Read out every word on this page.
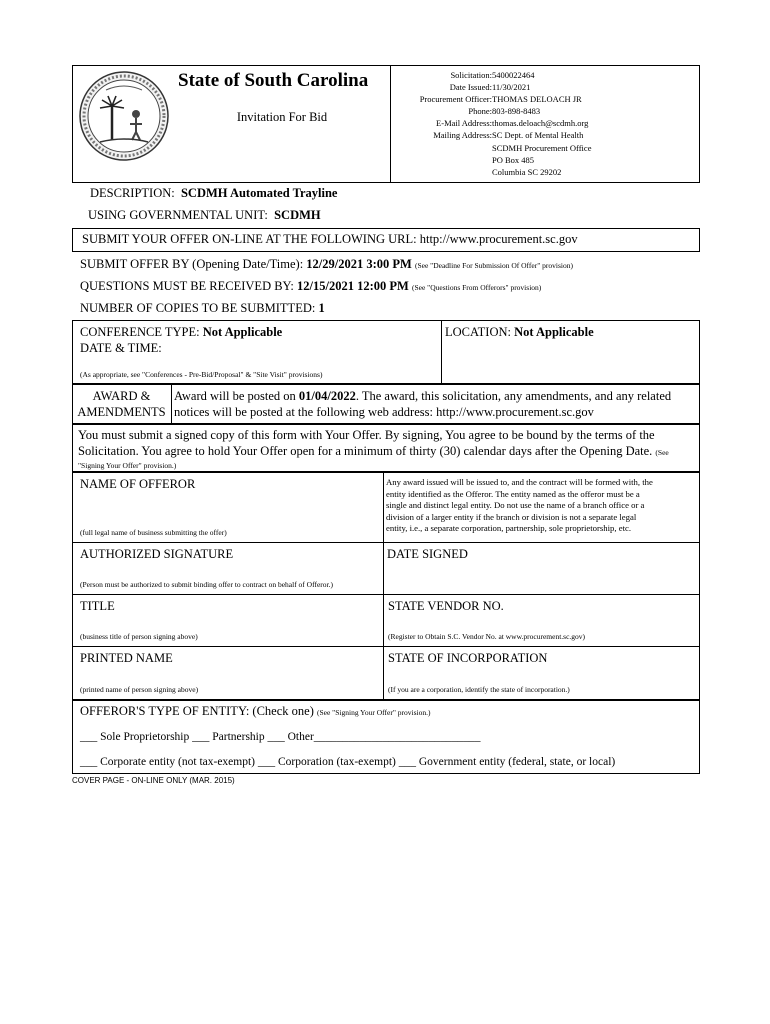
State of South Carolina
Invitation For Bid
Solicitation: 5400022464
Date Issued: 11/30/2021
Procurement Officer: THOMAS DELOACH JR
Phone: 803-898-8483
E-Mail Address: thomas.deloach@scdmh.org
Mailing Address: SC Dept. of Mental Health
SCDMH Procurement Office
PO Box 485
Columbia SC 29202
DESCRIPTION: SCDMH Automated Trayline
USING GOVERNMENTAL UNIT: SCDMH
SUBMIT YOUR OFFER ON-LINE AT THE FOLLOWING URL: http://www.procurement.sc.gov
SUBMIT OFFER BY (Opening Date/Time): 12/29/2021 3:00 PM (See "Deadline For Submission Of Offer" provision)
QUESTIONS MUST BE RECEIVED BY: 12/15/2021 12:00 PM (See "Questions From Offerors" provision)
NUMBER OF COPIES TO BE SUBMITTED: 1
CONFERENCE TYPE: Not Applicable
DATE & TIME:
(As appropriate, see "Conferences - Pre-Bid/Proposal" & "Site Visit" provisions)
LOCATION: Not Applicable
AWARD &
AMENDMENTS
Award will be posted on 01/04/2022. The award, this solicitation, any amendments, and any related
notices will be posted at the following web address: http://www.procurement.sc.gov
You must submit a signed copy of this form with Your Offer. By signing, You agree to be bound by the terms of the
Solicitation. You agree to hold Your Offer open for a minimum of thirty (30) calendar days after the Opening Date. (See
"Signing Your Offer" provision.)
NAME OF OFFEROR
(full legal name of business submitting the offer)
Any award issued will be issued to, and the contract will be formed with, the
entity identified as the Offeror. The entity named as the offeror must be a
single and distinct legal entity. Do not use the name of a branch office or a
division of a larger entity if the branch or division is not a separate legal
entity, i.e., a separate corporation, partnership, sole proprietorship, etc.
AUTHORIZED SIGNATURE
(Person must be authorized to submit binding offer to contract on behalf of Offeror.)
DATE SIGNED
TITLE
(business title of person signing above)
STATE VENDOR NO.
(Register to Obtain S.C. Vendor No. at www.procurement.sc.gov)
PRINTED NAME
(printed name of person signing above)
STATE OF INCORPORATION
(If you are a corporation, identify the state of incorporation.)
OFFEROR'S TYPE OF ENTITY: (Check one) (See "Signing Your Offer" provision.)
___ Sole Proprietorship ___ Partnership ___ Other_____________________________
___ Corporate entity (not tax-exempt) ___ Corporation (tax-exempt) ___ Government entity (federal, state, or local)
COVER PAGE - ON-LINE ONLY (MAR. 2015)
